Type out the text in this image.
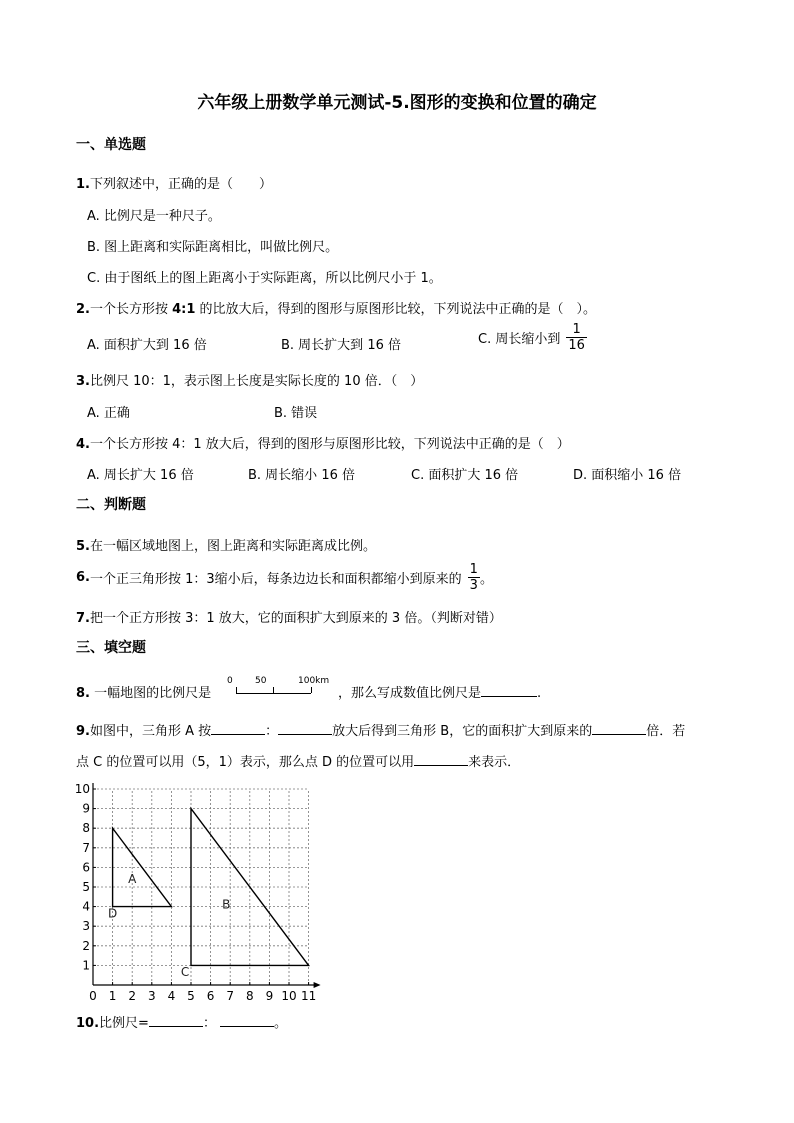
六年级上册数学单元测试-5.图形的变换和位置的确定
一、单选题
1.下列叙述中，正确的是（　　）
A. 比例尺是一种尺子。
B. 图上距离和实际距离相比，叫做比例尺。
C. 由于图纸上的图上距离小于实际距离，所以比例尺小于 1。
2.一个长方形按 4:1 的比放大后，得到的图形与原图形比较，下列说法中正确的是（　）。
A. 面积扩大到 16 倍	B. 周长扩大到 16 倍	C. 周长缩小到 $\frac{1}{16}$
3.比例尺 10：1，表示图上长度是实际长度的 10 倍．（　）
A. 正确	B. 错误
4.一个长方形按 4：1 放大后，得到的图形与原图形比较，下列说法中正确的是（　）
A. 周长扩大 16 倍	B. 周长缩小 16 倍	C. 面积扩大 16 倍	D. 面积缩小 16 倍
二、判断题
5.在一幅区域地图上，图上距离和实际距离成比例。
6.一个正三角形按 1：3缩小后，每条边边长和面积都缩小到原来的 $\frac{1}{3}$ 。
7.把一个正方形按 3：1 放大，它的面积扩大到原来的 3 倍。（判断对错）
三、填空题
8. 一幅地图的比例尺是
0 50	100km
，那么写成数值比例尺是	.
9.如图中，三角形 A 按	：	放大后得到三角形 B，它的面积扩大到原来的	倍．若
点 C 的位置可以用（5，1）表示，那么点 D 的位置可以用	来表示．
0 1 2 3 4 5 6 7 8 9 10 11
1
2
3
4
5
6
7
8
9
10
A
B
C
D
10.比例尺=	：	。
